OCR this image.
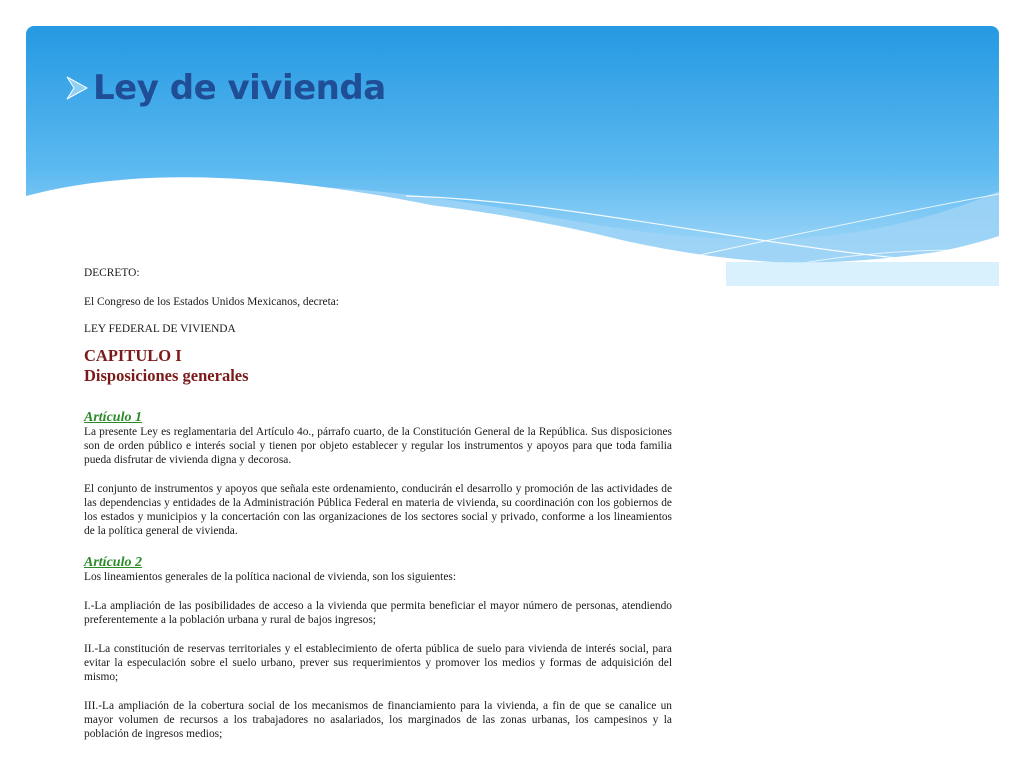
Ley de vivienda

DECRETO:

El Congreso de los Estados Unidos Mexicanos, decreta:

LEY FEDERAL DE VIVIENDA

CAPITULO I

Disposiciones generales

Artículo 1

La presente Ley es reglamentaria del Artículo 4o., párrafo cuarto, de la Constitución General de la República. Sus disposiciones son de orden público e interés social y tienen por objeto establecer y regular los instrumentos y apoyos para que toda familia pueda disfrutar de vivienda digna y decorosa.

El conjunto de instrumentos y apoyos que señala este ordenamiento, conducirán el desarrollo y promoción de las actividades de las dependencias y entidades de la Administración Pública Federal en materia de vivienda, su coordinación con los gobiernos de los estados y municipios y la concertación con las organizaciones de los sectores social y privado, conforme a los lineamientos de la política general de vivienda.

Artículo 2

Los lineamientos generales de la política nacional de vivienda, son los siguientes:

I.-La ampliación de las posibilidades de acceso a la vivienda que permita beneficiar el mayor número de personas, atendiendo preferentemente a la población urbana y rural de bajos ingresos;

II.-La constitución de reservas territoriales y el establecimiento de oferta pública de suelo para vivienda de interés social, para evitar la especulación sobre el suelo urbano, prever sus requerimientos y promover los medios y formas de adquisición del mismo;

III.-La ampliación de la cobertura social de los mecanismos de financiamiento para la vivienda, a fin de que se canalice un mayor volumen de recursos a los trabajadores no asalariados, los marginados de las zonas urbanas, los campesinos y la población de ingresos medios;
